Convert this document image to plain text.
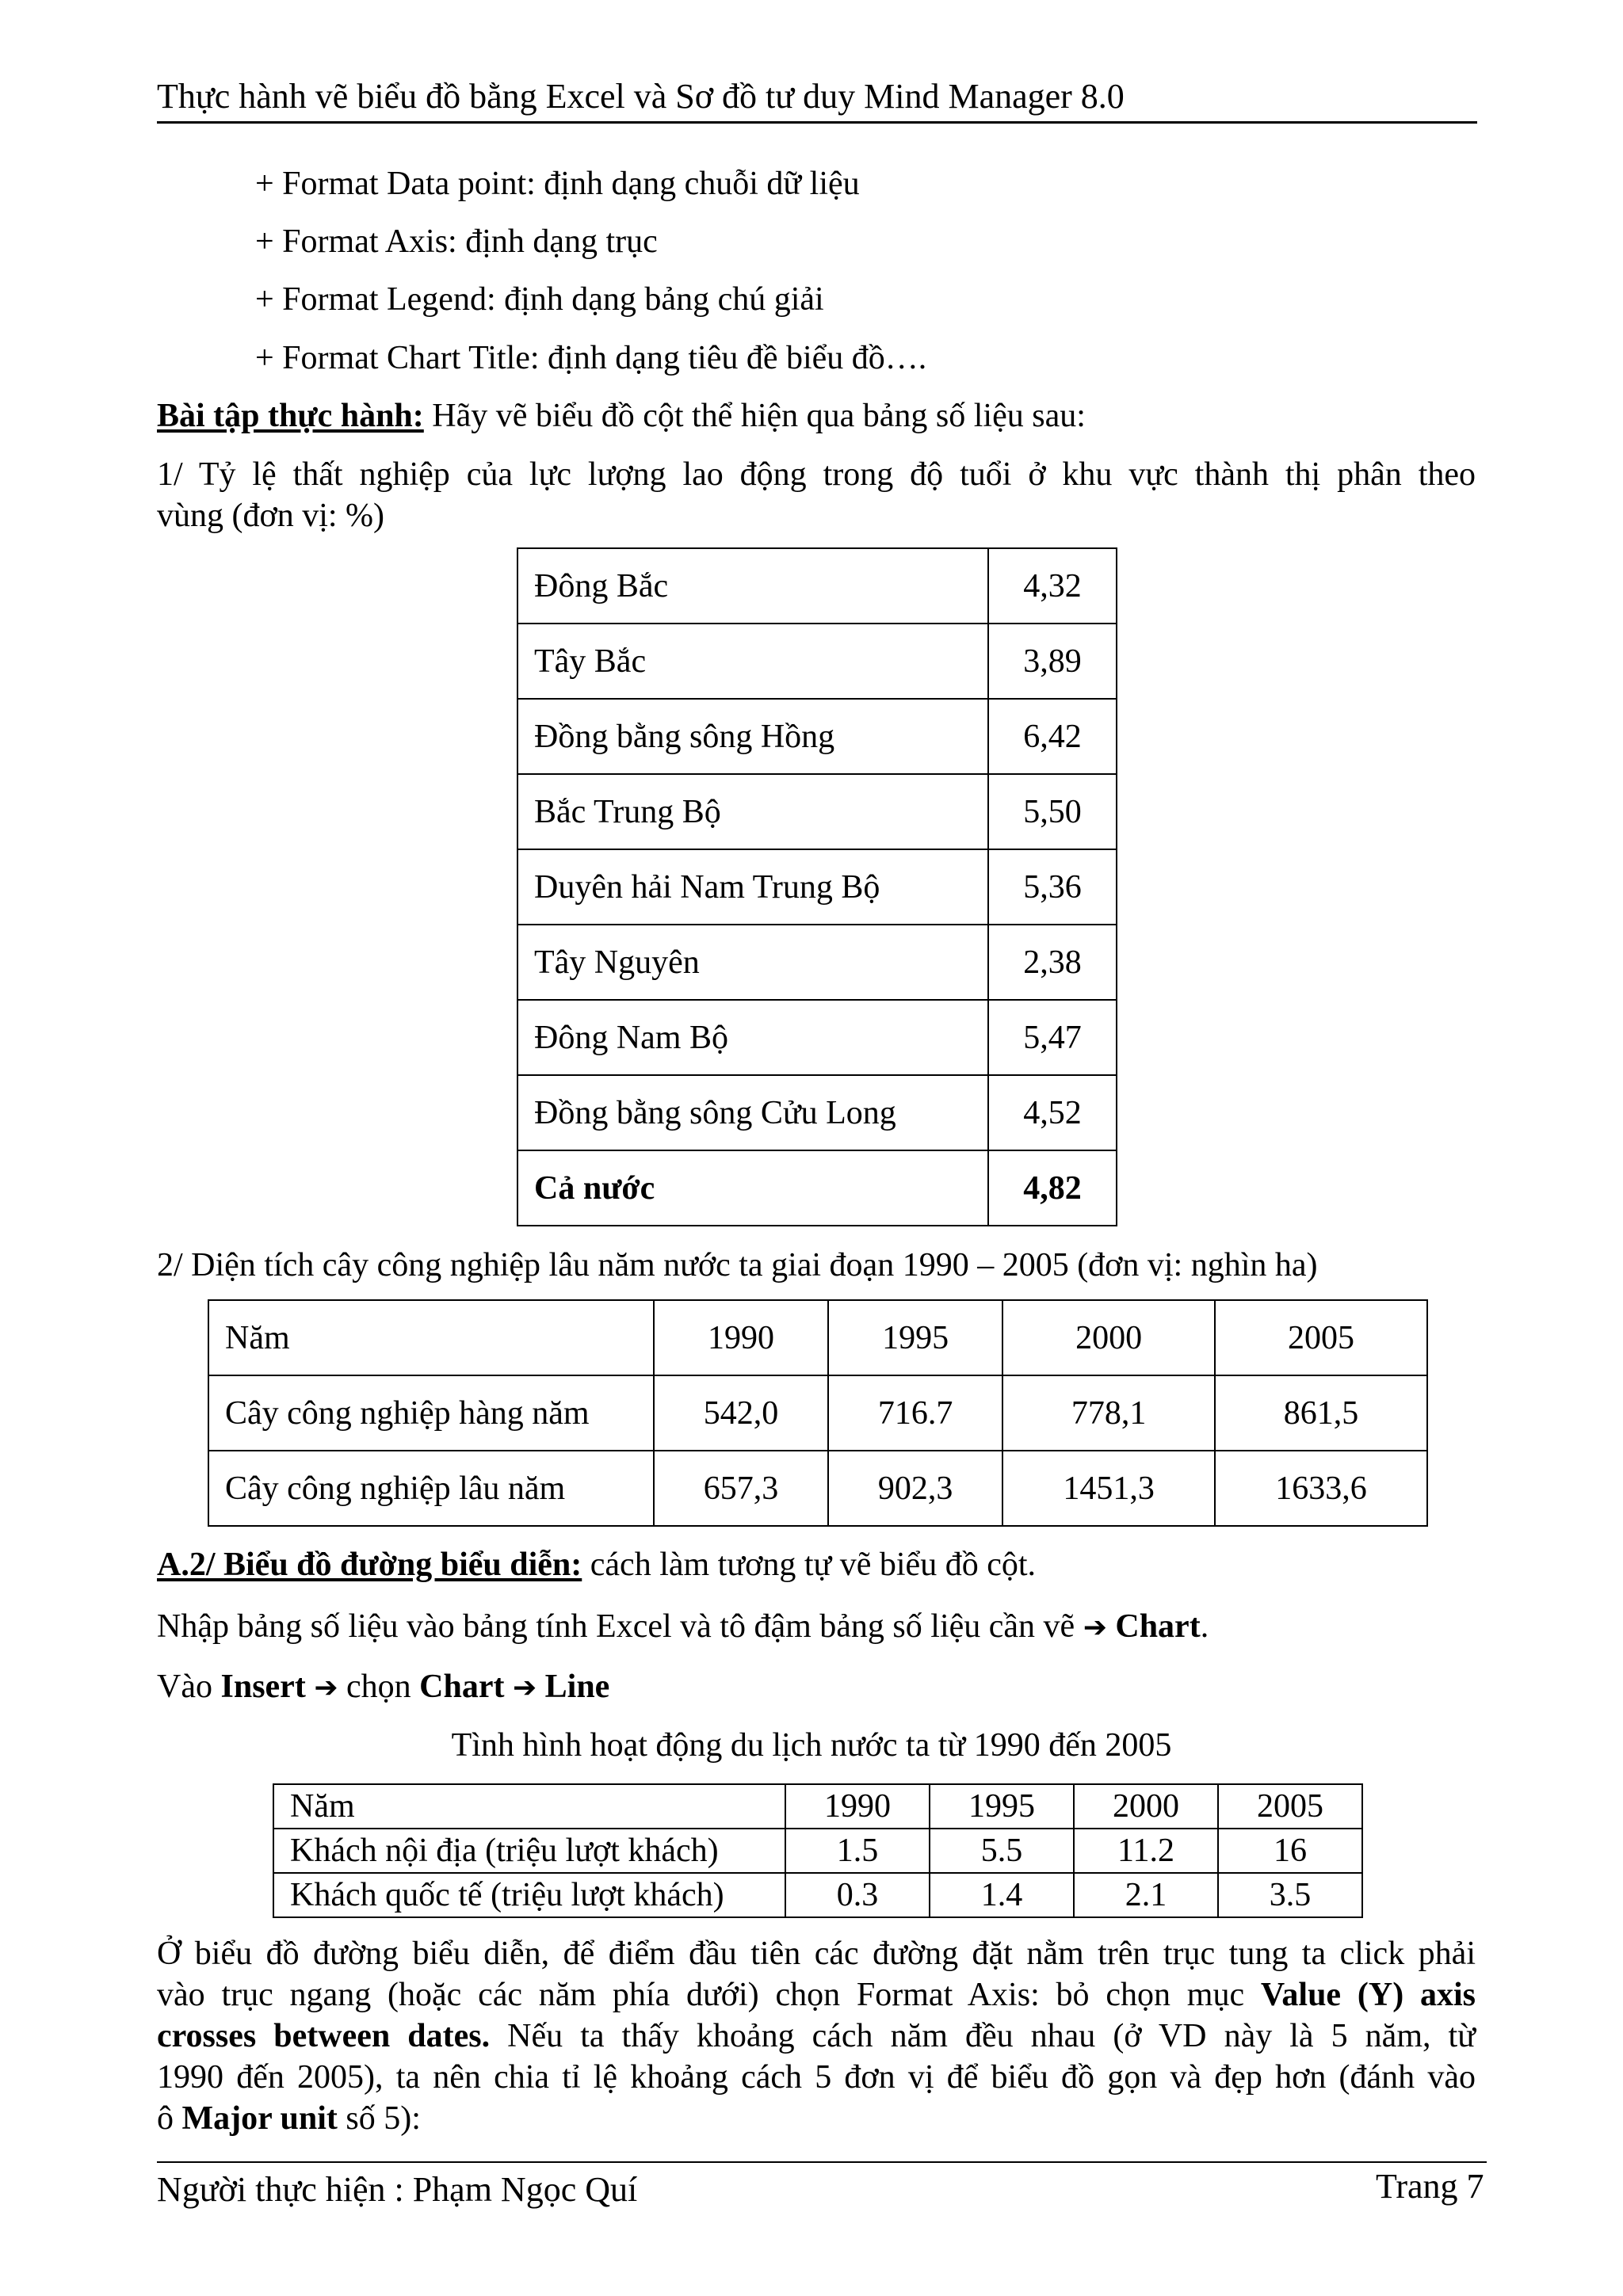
Thực hành vẽ biểu đồ bằng Excel và Sơ đồ tư duy Mind Manager 8.0
+ Format Data point: định dạng chuỗi dữ liệu
+ Format Axis: định dạng trục
+ Format Legend: định dạng bảng chú giải
+ Format Chart Title: định dạng tiêu đề biểu đồ….
Bài tập thực hành: Hãy vẽ biểu đồ cột thể hiện qua bảng số liệu sau:
1/ Tỷ lệ thất nghiệp của lực lượng lao động trong độ tuổi ở khu vực thành thị phân theo
vùng (đơn vị: %)
Đông Bắc	4,32
Tây Bắc	3,89
Đồng bằng sông Hồng	6,42
Bắc Trung Bộ	5,50
Duyên hải Nam Trung Bộ	5,36
Tây Nguyên	2,38
Đông Nam Bộ	5,47
Đồng bằng sông Cửu Long	4,52
Cả nước	4,82
2/ Diện tích cây công nghiệp lâu năm nước ta giai đoạn 1990 – 2005 (đơn vị: nghìn ha)
Năm	1990	1995	2000	2005
Cây công nghiệp hàng năm	542,0	716.7	778,1	861,5
Cây công nghiệp lâu năm	657,3	902,3	1451,3	1633,6
A.2/ Biểu đồ đường biểu diễn: cách làm tương tự vẽ biểu đồ cột.
Nhập bảng số liệu vào bảng tính Excel và tô đậm bảng số liệu cần vẽ ➔ Chart.
Vào Insert ➔ chọn Chart ➔ Line
Tình hình hoạt động du lịch nước ta từ 1990 đến 2005
Năm	1990	1995	2000	2005
Khách nội địa (triệu lượt khách)	1.5	5.5	11.2	16
Khách quốc tế (triệu lượt khách)	0.3	1.4	2.1	3.5
Ở biểu đồ đường biểu diễn, để điểm đầu tiên các đường đặt nằm trên trục tung ta click phải
vào trục ngang (hoặc các năm phía dưới) chọn Format Axis: bỏ chọn mục Value (Y) axis
crosses between dates. Nếu ta thấy khoảng cách năm đều nhau (ở VD này là 5 năm, từ
1990 đến 2005), ta nên chia tỉ lệ khoảng cách 5 đơn vị để biểu đồ gọn và đẹp hơn (đánh vào
ô Major unit số 5):
Người thực hiện : Phạm Ngọc Quí	Trang 7
